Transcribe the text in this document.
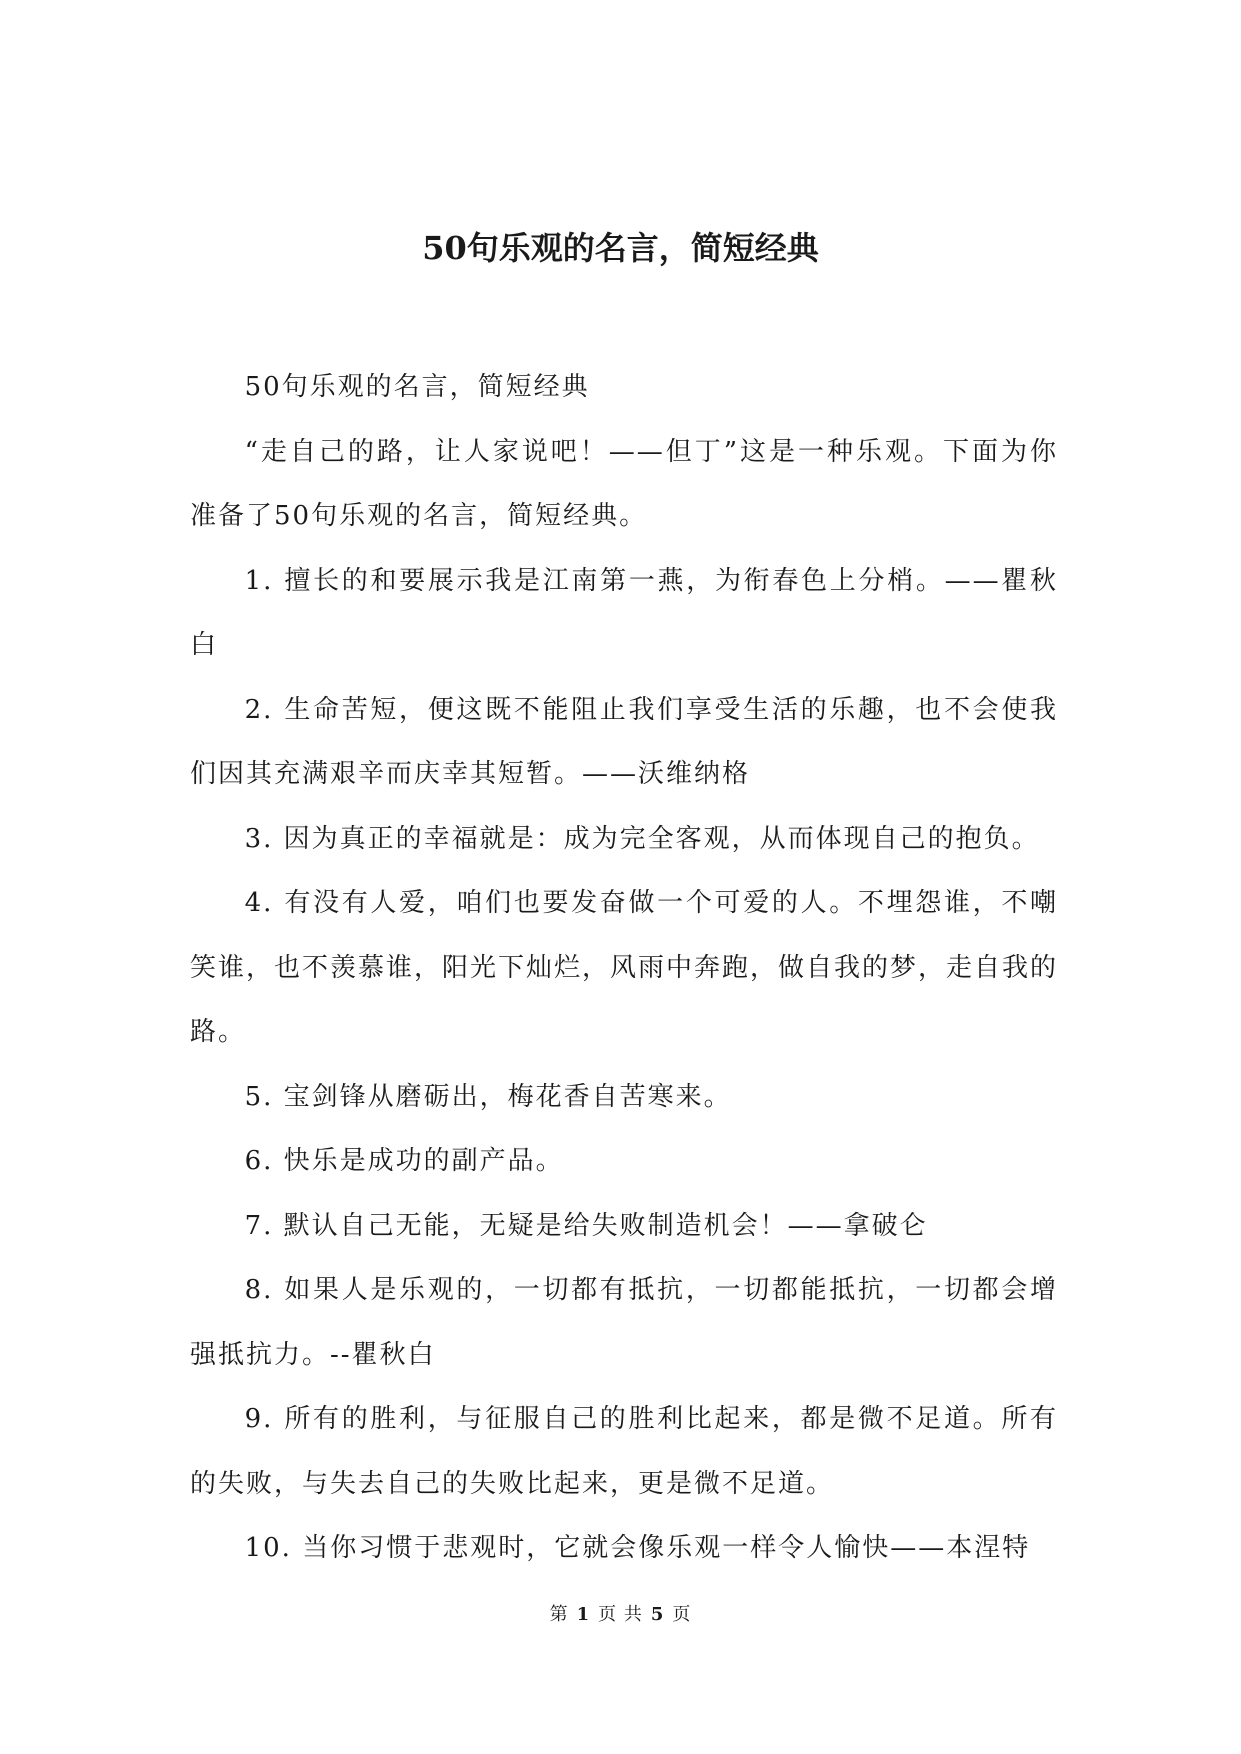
50句乐观的名言，简短经典

50句乐观的名言，简短经典

“走自己的路，让人家说吧！——但丁”这是一种乐观。下面为你准备了50句乐观的名言，简短经典。

1. 擅长的和要展示我是江南第一燕，为衔春色上分梢。——瞿秋白

2. 生命苦短，便这既不能阻止我们享受生活的乐趣，也不会使我们因其充满艰辛而庆幸其短暂。——沃维纳格

3. 因为真正的幸福就是：成为完全客观，从而体现自己的抱负。

4. 有没有人爱，咱们也要发奋做一个可爱的人。不埋怨谁，不嘲笑谁，也不羡慕谁，阳光下灿烂，风雨中奔跑，做自我的梦，走自我的路。

5. 宝剑锋从磨砺出，梅花香自苦寒来。

6. 快乐是成功的副产品。

7. 默认自己无能，无疑是给失败制造机会！——拿破仑

8. 如果人是乐观的，一切都有抵抗，一切都能抵抗，一切都会增强抵抗力。--瞿秋白

9. 所有的胜利，与征服自己的胜利比起来，都是微不足道。所有的失败，与失去自己的失败比起来，更是微不足道。

10. 当你习惯于悲观时，它就会像乐观一样令人愉快——本涅特

第 1 页 共 5 页
